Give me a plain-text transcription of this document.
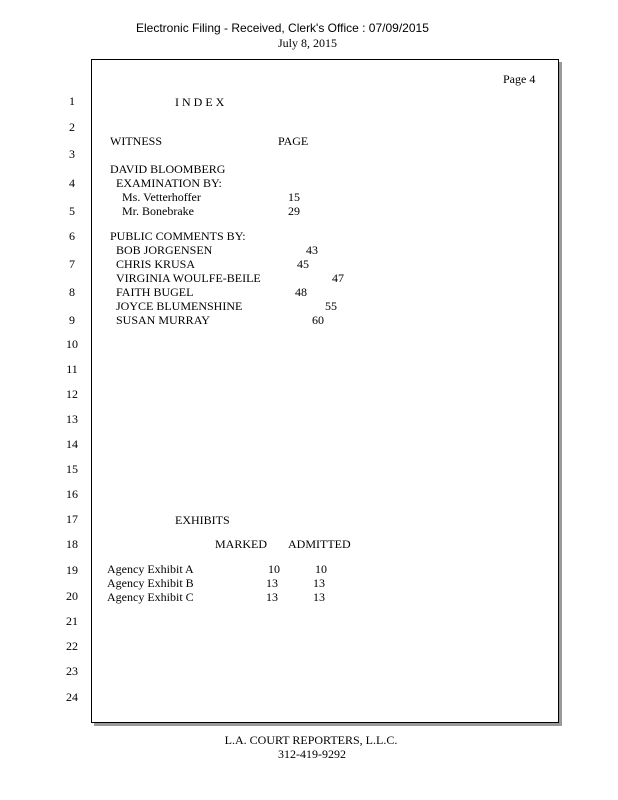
Electronic Filing - Received, Clerk's Office : 07/09/2015
July 8, 2015
Page 4
1
2
3
4
5
6
7
8
9
10
11
12
13
14
15
16
17
18
19
20
21
22
23
24
I N D E X
WITNESS	PAGE
DAVID BLOOMBERG
EXAMINATION BY:
Ms. Vetterhoffer	15
Mr. Bonebrake	29
PUBLIC COMMENTS BY:
BOB JORGENSEN	43
CHRIS KRUSA	45
VIRGINIA WOULFE-BEILE	47
FAITH BUGEL	48
JOYCE BLUMENSHINE	55
SUSAN MURRAY	60
EXHIBITS
MARKED ADMITTED
Agency Exhibit A	10	10
Agency Exhibit B	13	13
Agency Exhibit C	13	13
L.A. COURT REPORTERS, L.L.C.
312-419-9292
